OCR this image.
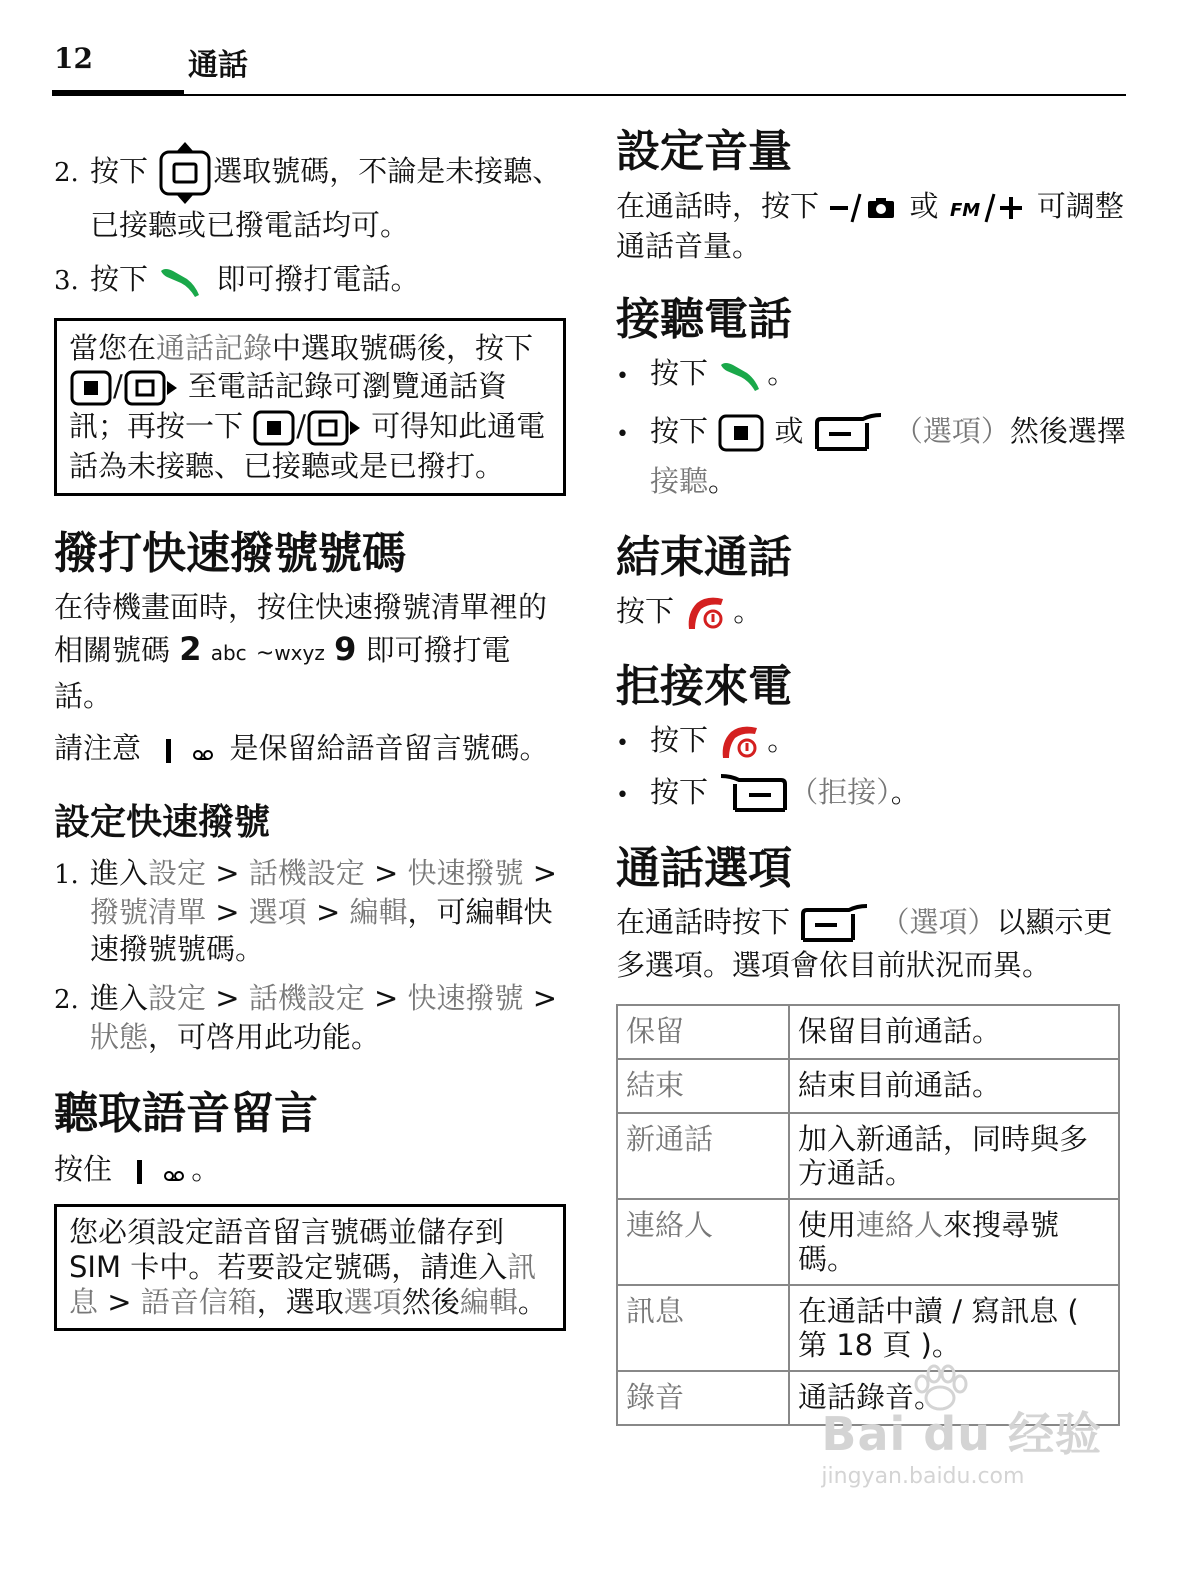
12	通話

2. 按下 選取號碼，不論是未接聽、已接聽或已撥電話均可。

3. 按下 即可撥打電話。

當您在通話記錄中選取號碼後，按下 / 至電話記錄可瀏覽通話資訊；再按一下 / 可得知此通電話為未接聽、已接聽或是已撥打。
撥打快速撥號號碼

在待機畫面時，按住快速撥號清單裡的相關號碼 2 abc ~wxyz 9 即可撥打電話。

請注意	是保留給語音留言號碼。

設定快速撥號

1. 進入設定 > 話機設定 > 快速撥號 > 撥號清單 > 選項 > 編輯，可編輯快速撥號號碼。

2. 進入設定 > 話機設定 > 快速撥號 > 狀態，可啓用此功能。

聽取語音留言

按住	。

您必須設定語音留言號碼並儲存到 SIM 卡中。若要設定號碼，請進入訊息 > 語音信箱，選取選項然後編輯。
設定音量

在通話時，按下	或 FM 可調整通話音量。

接聽電話

• 按下 。

• 按下 或	（選項）然後選擇接聽。

結束通話

按下 。

拒接來電

• 按下 。

• 按下	（拒接）。

通話選項

在通話時按下	（選項）以顯示更多選項。選項會依目前狀況而異。

保留	保留目前通話。
結束	結束目前通話。
新通話	加入新通話，同時與多方通話。
連絡人	使用連絡人來搜尋號碼。
訊息	在通話中讀 / 寫訊息 ( 第 18 頁 )。
錄音	通話錄音。
Bai du 经验
jingyan.baidu.com
